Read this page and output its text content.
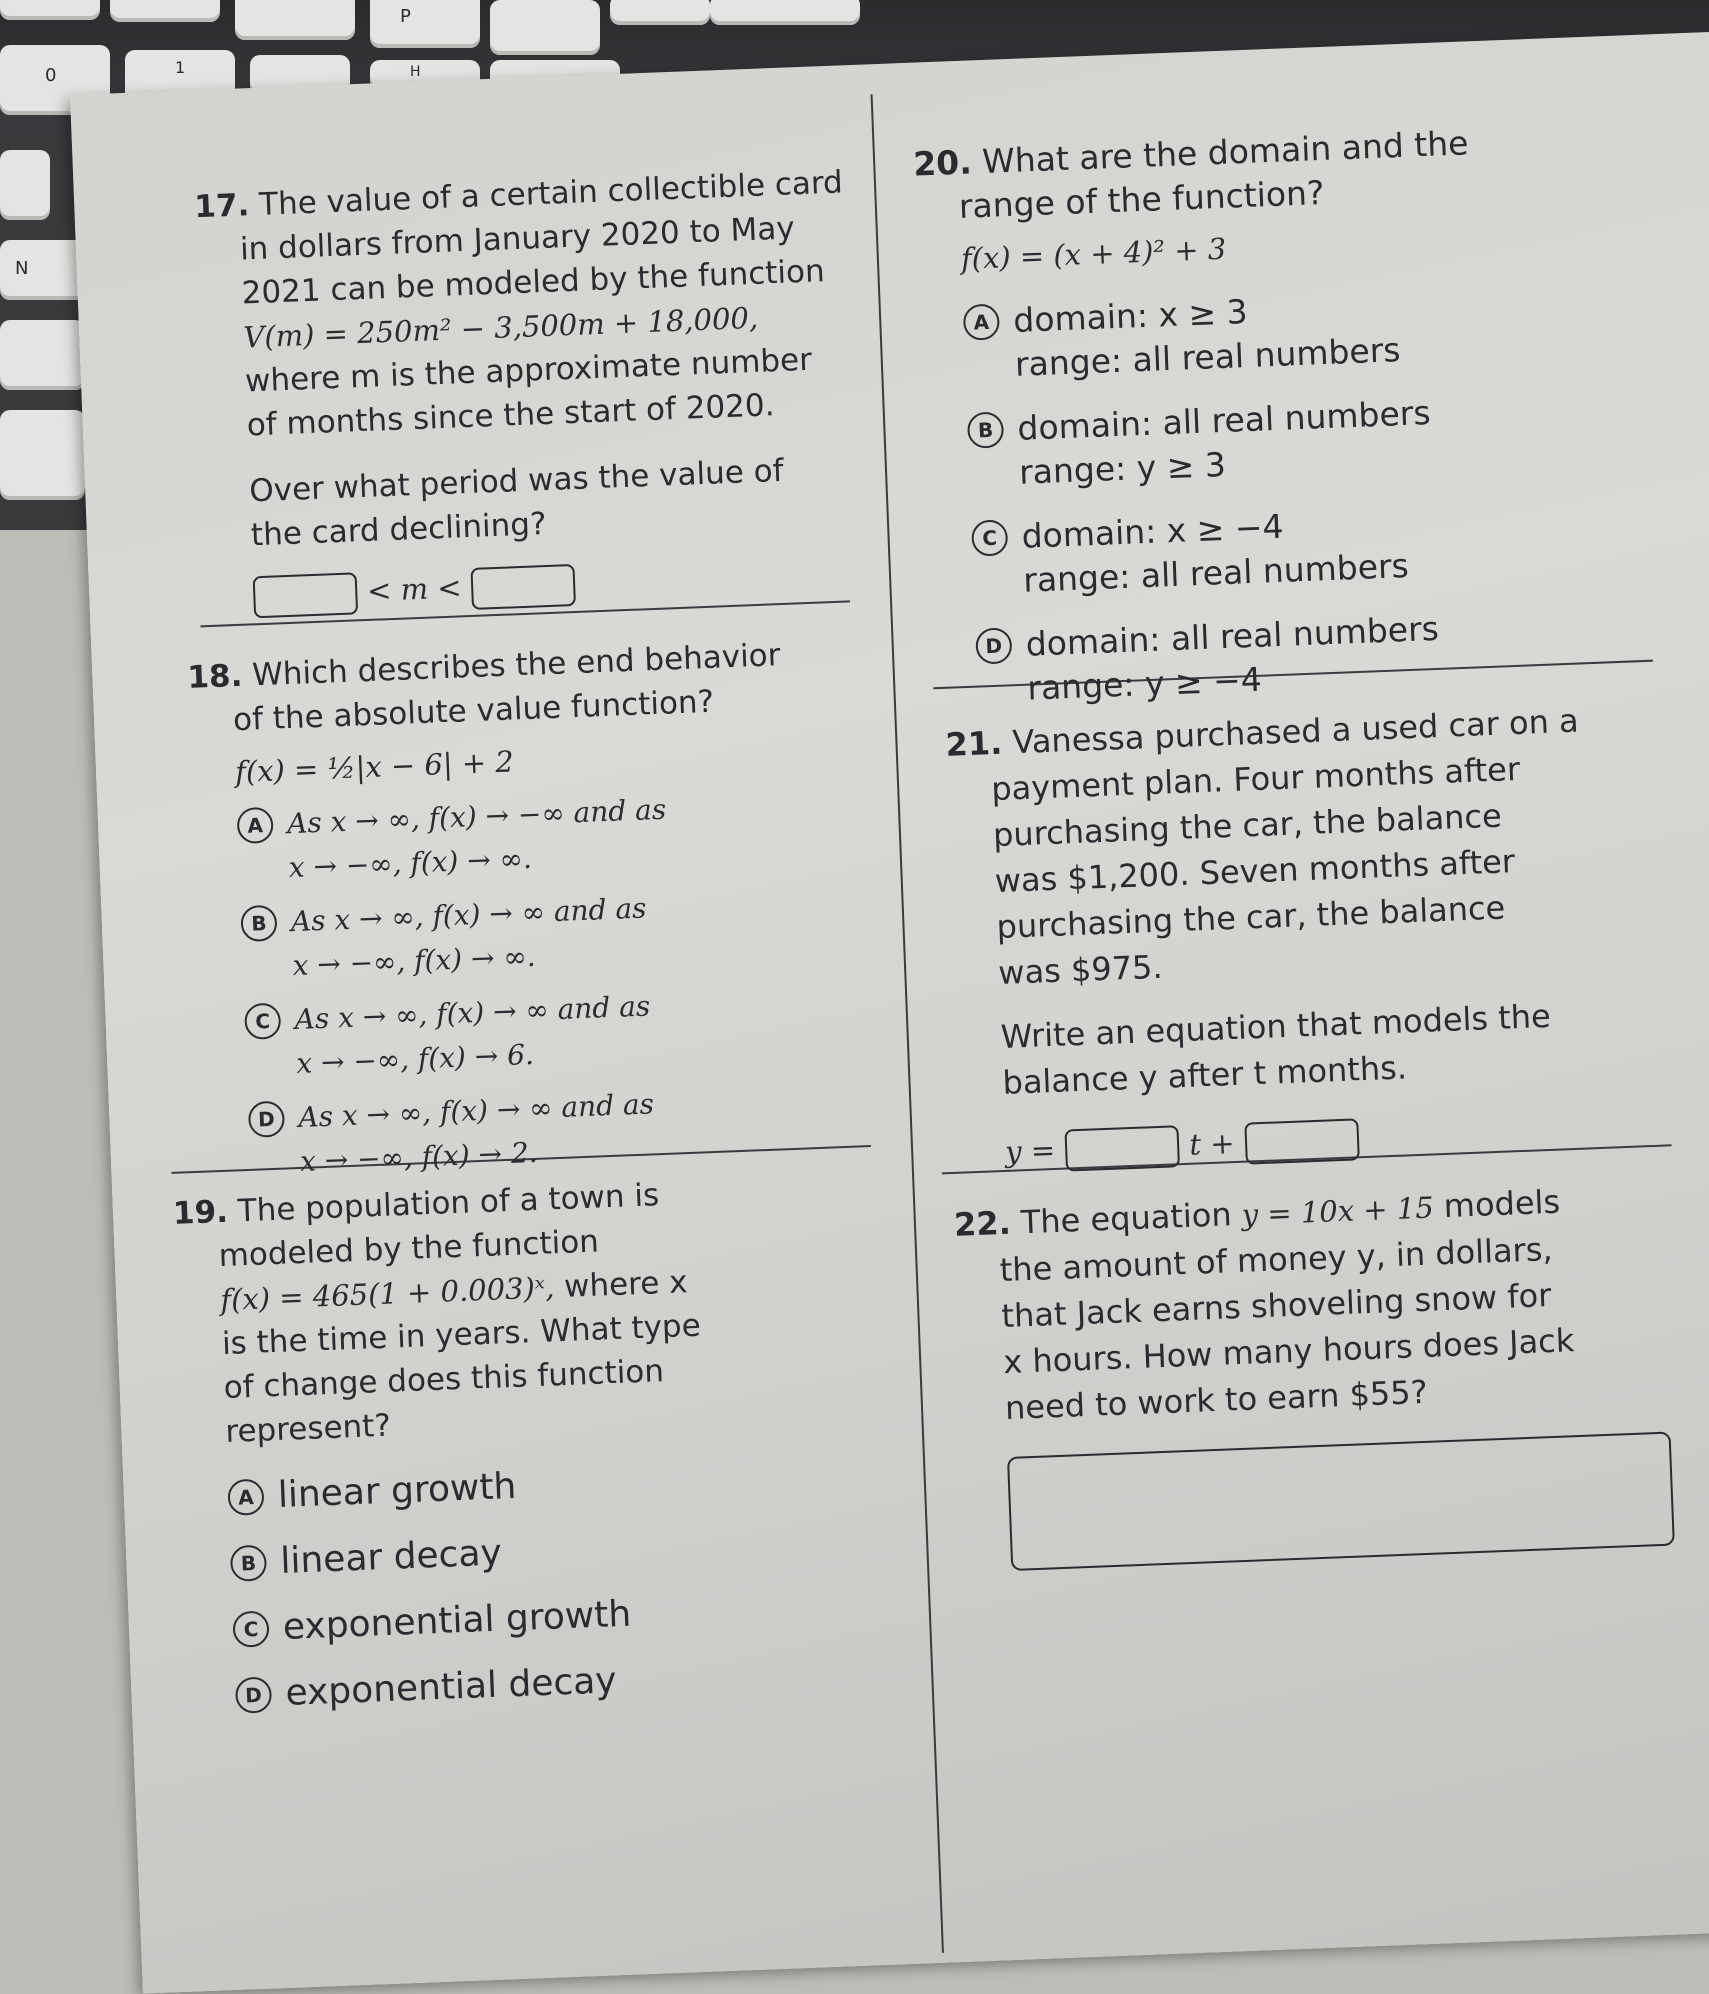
P
0	1	H
N
17. The value of a certain collectible card
in dollars from January 2020 to May
2021 can be modeled by the function
V(m) = 250m² − 3,500m + 18,000,
where m is the approximate number
of months since the start of 2020.
Over what period was the value of
the card declining?
< m <
18. Which describes the end behavior
of the absolute value function?
f(x) = ½|x − 6| + 2
A As x → ∞, f(x) → −∞ and as
x → −∞, f(x) → ∞.
B As x → ∞, f(x) → ∞ and as
x → −∞, f(x) → ∞.
C As x → ∞, f(x) → ∞ and as
x → −∞, f(x) → 6.
D As x → ∞, f(x) → ∞ and as
x → −∞, f(x) → 2.
19. The population of a town is
modeled by the function
f(x) = 465(1 + 0.003)ˣ, where x
is the time in years. What type
of change does this function
represent?
A linear growth
B linear decay
C exponential growth
D exponential decay
20. What are the domain and the
range of the function?
f(x) = (x + 4)² + 3
A domain: x ≥ 3
range: all real numbers
B domain: all real numbers
range: y ≥ 3
C domain: x ≥ −4
range: all real numbers
D domain: all real numbers
range: y ≥ −4
21. Vanessa purchased a used car on a
payment plan. Four months after
purchasing the car, the balance
was $1,200. Seven months after
purchasing the car, the balance
was $975.
Write an equation that models the
balance y after t months.
y =	t +
22. The equation y = 10x + 15 models
the amount of money y, in dollars,
that Jack earns shoveling snow for
x hours. How many hours does Jack
need to work to earn $55?
